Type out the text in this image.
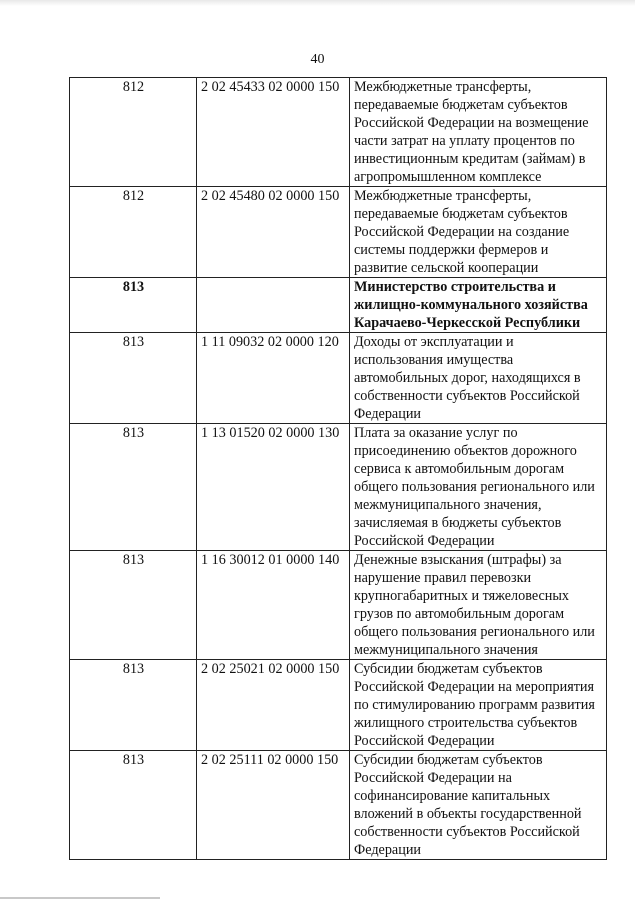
40
812	2 02 45433 02 0000 150	Межбюджетные трансферты, передаваемые бюджетам субъектов Российской Федерации на возмещение части затрат на уплату процентов по инвестиционным кредитам (займам) в агропромышленном комплексе
812	2 02 45480 02 0000 150	Межбюджетные трансферты, передаваемые бюджетам субъектов Российской Федерации на создание системы поддержки фермеров и развитие сельской кооперации
813		Министерство строительства и жилищно-коммунального хозяйства Карачаево-Черкесской Республики
813	1 11 09032 02 0000 120	Доходы от эксплуатации и использования имущества автомобильных дорог, находящихся в собственности субъектов Российской Федерации
813	1 13 01520 02 0000 130	Плата за оказание услуг по присоединению объектов дорожного сервиса к автомобильным дорогам общего пользования регионального или межмуниципального значения, зачисляемая в бюджеты субъектов Российской Федерации
813	1 16 30012 01 0000 140	Денежные взыскания (штрафы) за нарушение правил перевозки крупногабаритных и тяжеловесных грузов по автомобильным дорогам общего пользования регионального или межмуниципального значения
813	2 02 25021 02 0000 150	Субсидии бюджетам субъектов Российской Федерации на мероприятия по стимулированию программ развития жилищного строительства субъектов Российской Федерации
813	2 02 25111 02 0000 150	Субсидии бюджетам субъектов Российской Федерации на софинансирование капитальных вложений в объекты государственной собственности субъектов Российской Федерации
